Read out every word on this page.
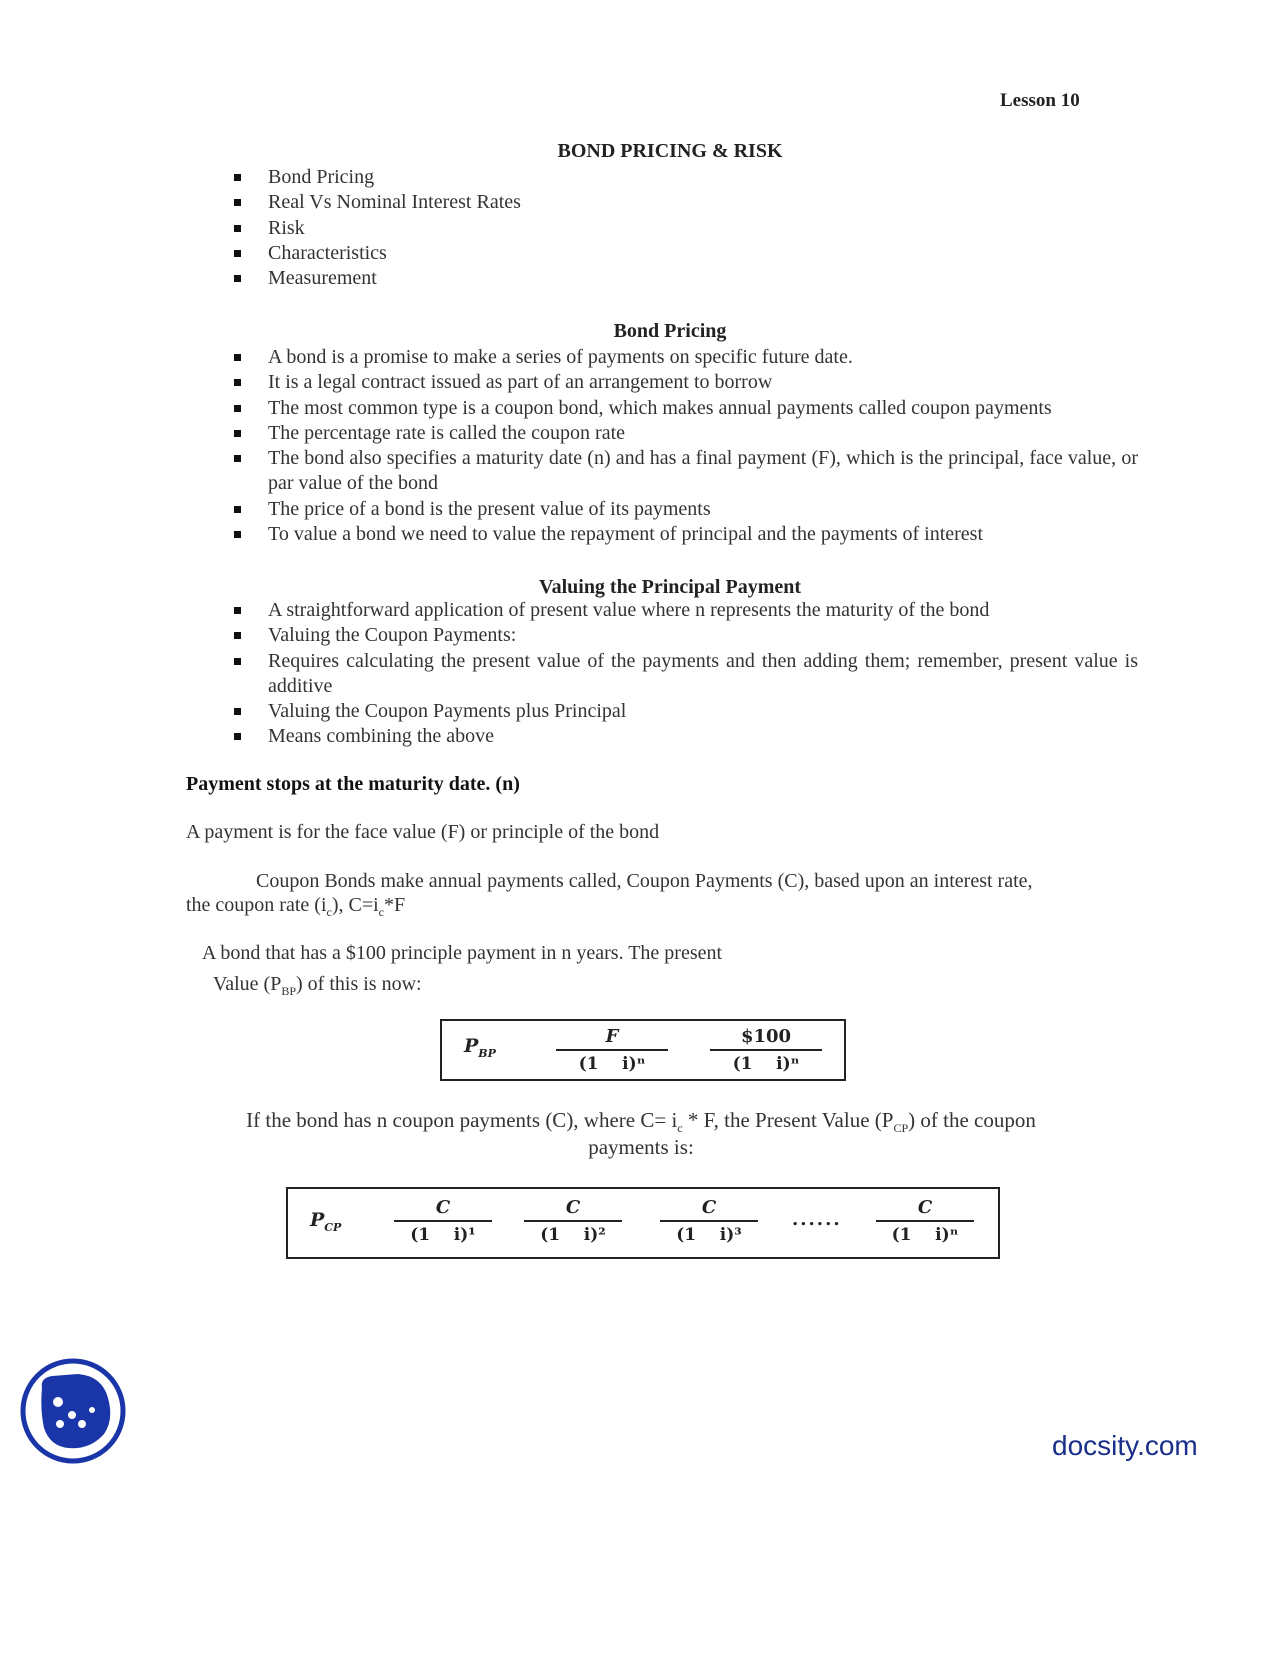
Lesson 10
BOND PRICING & RISK
Bond Pricing
Real Vs Nominal Interest Rates
Risk
Characteristics
Measurement
Bond Pricing
A bond is a promise to make a series of payments on specific future date.
It is a legal contract issued as part of an arrangement to borrow
The most common type is a coupon bond, which makes annual payments called coupon payments
The percentage rate is called the coupon rate
The bond also specifies a maturity date (n) and has a final payment (F), which is the principal, face value, or par value of the bond
The price of a bond is the present value of its payments
To value a bond we need to value the repayment of principal and the payments of interest
Valuing the Principal Payment
A straightforward application of present value where n represents the maturity of the bond
Valuing the Coupon Payments:
Requires calculating the present value of the payments and then adding them; remember, present value is additive
Valuing the Coupon Payments plus Principal
Means combining the above
Payment stops at the maturity date. (n)
A payment is for the face value (F) or principle of the bond
Coupon Bonds make annual payments called, Coupon Payments (C), based upon an interest rate,
the coupon rate $(i_c)$, $C=i_c*F$
A bond that has a $100 principle payment in n years. The present
Value $(P_{BP})$ of this is now:
$P_{BP}$
F
(1    i)ⁿ
$100
(1    i)ⁿ
If the bond has n coupon payments (C), where $C= i_c * F$, the Present Value $(P_{CP})$ of the coupon
payments is:
$P_{CP}$
C
(1    i)¹
C
(1    i)²
C
(1    i)³
......
C
(1    i)ⁿ
docsity.com
